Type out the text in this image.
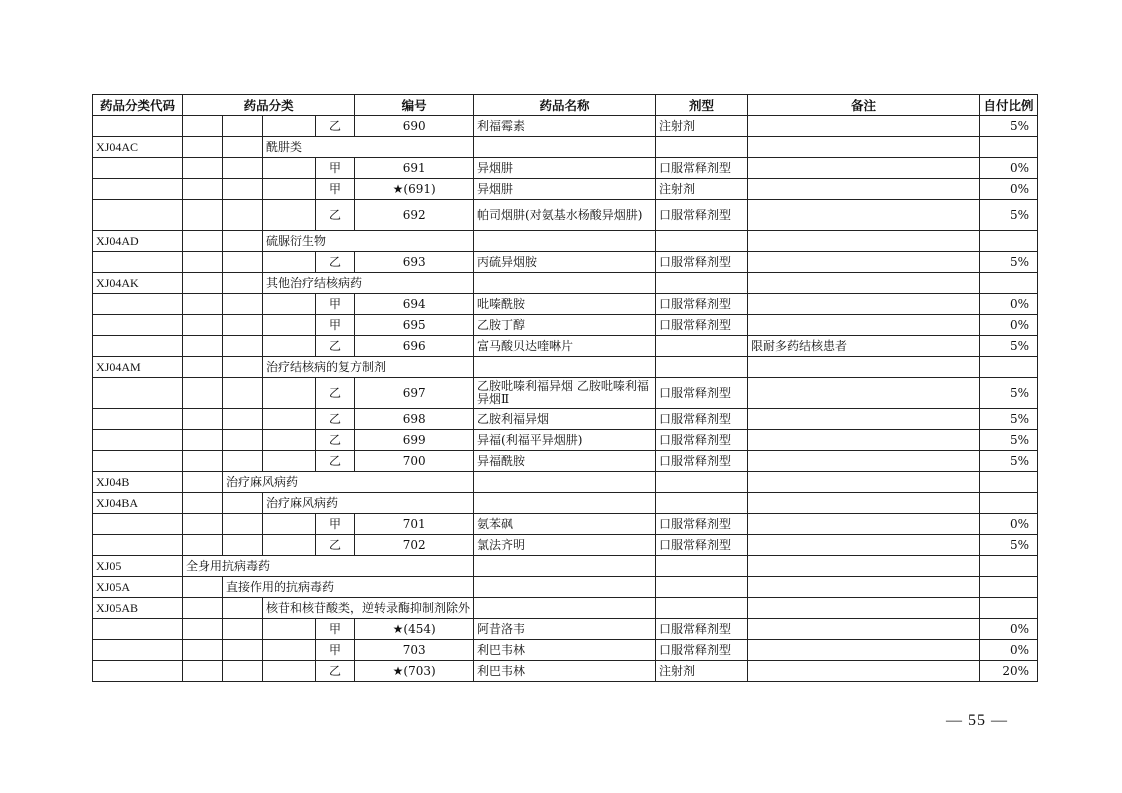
药品分类代码	药品分类				编号	药品名称	剂型	备注	自付比例
				乙	690	利福霉素	注射剂		5%
XJ04AC			酰肼类						
				甲	691	异烟肼	口服常释剂型		0%
				甲	★(691)	异烟肼	注射剂		0%
				乙	692	帕司烟肼(对氨基水杨酸异烟肼)	口服常释剂型		5%
XJ04AD			硫脲衍生物						
				乙	693	丙硫异烟胺	口服常释剂型		5%
XJ04AK			其他治疗结核病药						
				甲	694	吡嗪酰胺	口服常释剂型		0%
				甲	695	乙胺丁醇	口服常释剂型		0%
				乙	696	富马酸贝达喹啉片		限耐多药结核患者	5%
XJ04AM			治疗结核病的复方制剂						
				乙	697	乙胺吡嗪利福异烟 乙胺吡嗪利福异烟Ⅱ	口服常释剂型		5%
				乙	698	乙胺利福异烟	口服常释剂型		5%
				乙	699	异福(利福平异烟肼)	口服常释剂型		5%
				乙	700	异福酰胺	口服常释剂型		5%
XJ04B		治疗麻风病药							
XJ04BA			治疗麻风病药						
				甲	701	氨苯砜	口服常释剂型		0%
				乙	702	氯法齐明	口服常释剂型		5%
XJ05	全身用抗病毒药								
XJ05A		直接作用的抗病毒药							
XJ05AB			核苷和核苷酸类，逆转录酶抑制剂除外						
				甲	★(454)	阿昔洛韦	口服常释剂型		0%
				甲	703	利巴韦林	口服常释剂型		0%
				乙	★(703)	利巴韦林	注射剂		20%
— 55 —
